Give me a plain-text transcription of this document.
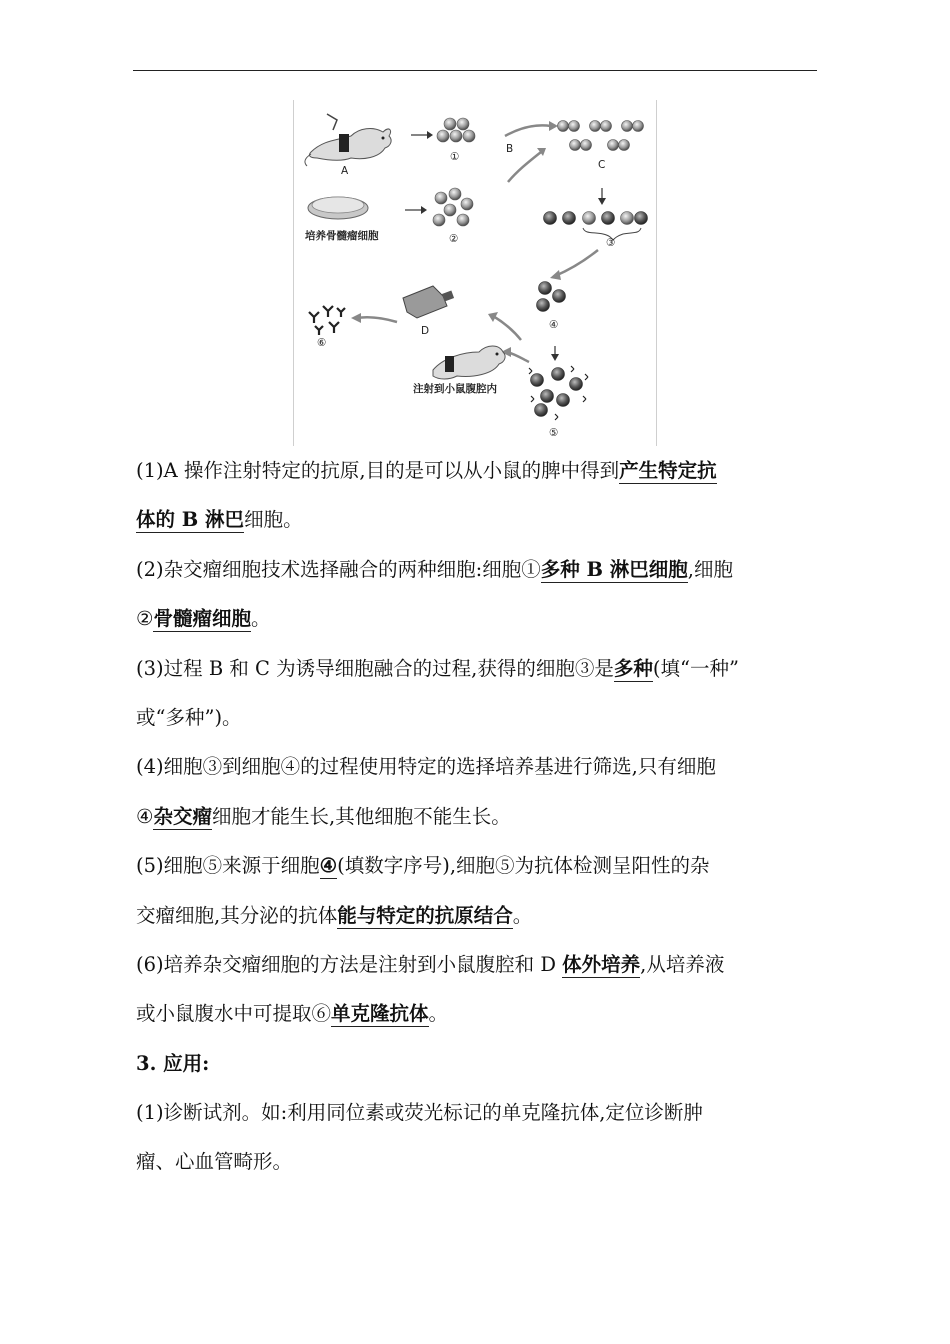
A
①
B
C
培养骨髓瘤细胞	②	③
④
⑤
注射到小鼠腹腔内
D
⑥
(1)A 操作注射特定的抗原,目的是可以从小鼠的脾中得到产生特定抗
体的 B 淋巴细胞。
(2)杂交瘤细胞技术选择融合的两种细胞:细胞①多种 B 淋巴细胞,细胞
②骨髓瘤细胞。
(3)过程 B 和 C 为诱导细胞融合的过程,获得的细胞③是多种(填“一种”
或“多种”)。
(4)细胞③到细胞④的过程使用特定的选择培养基进行筛选,只有细胞
④杂交瘤细胞才能生长,其他细胞不能生长。
(5)细胞⑤来源于细胞④(填数字序号),细胞⑤为抗体检测呈阳性的杂
交瘤细胞,其分泌的抗体能与特定的抗原结合。
(6)培养杂交瘤细胞的方法是注射到小鼠腹腔和 D 体外培养,从培养液
或小鼠腹水中可提取⑥单克隆抗体。
3. 应用:
(1)诊断试剂。如:利用同位素或荧光标记的单克隆抗体,定位诊断肿
瘤、心血管畸形。
